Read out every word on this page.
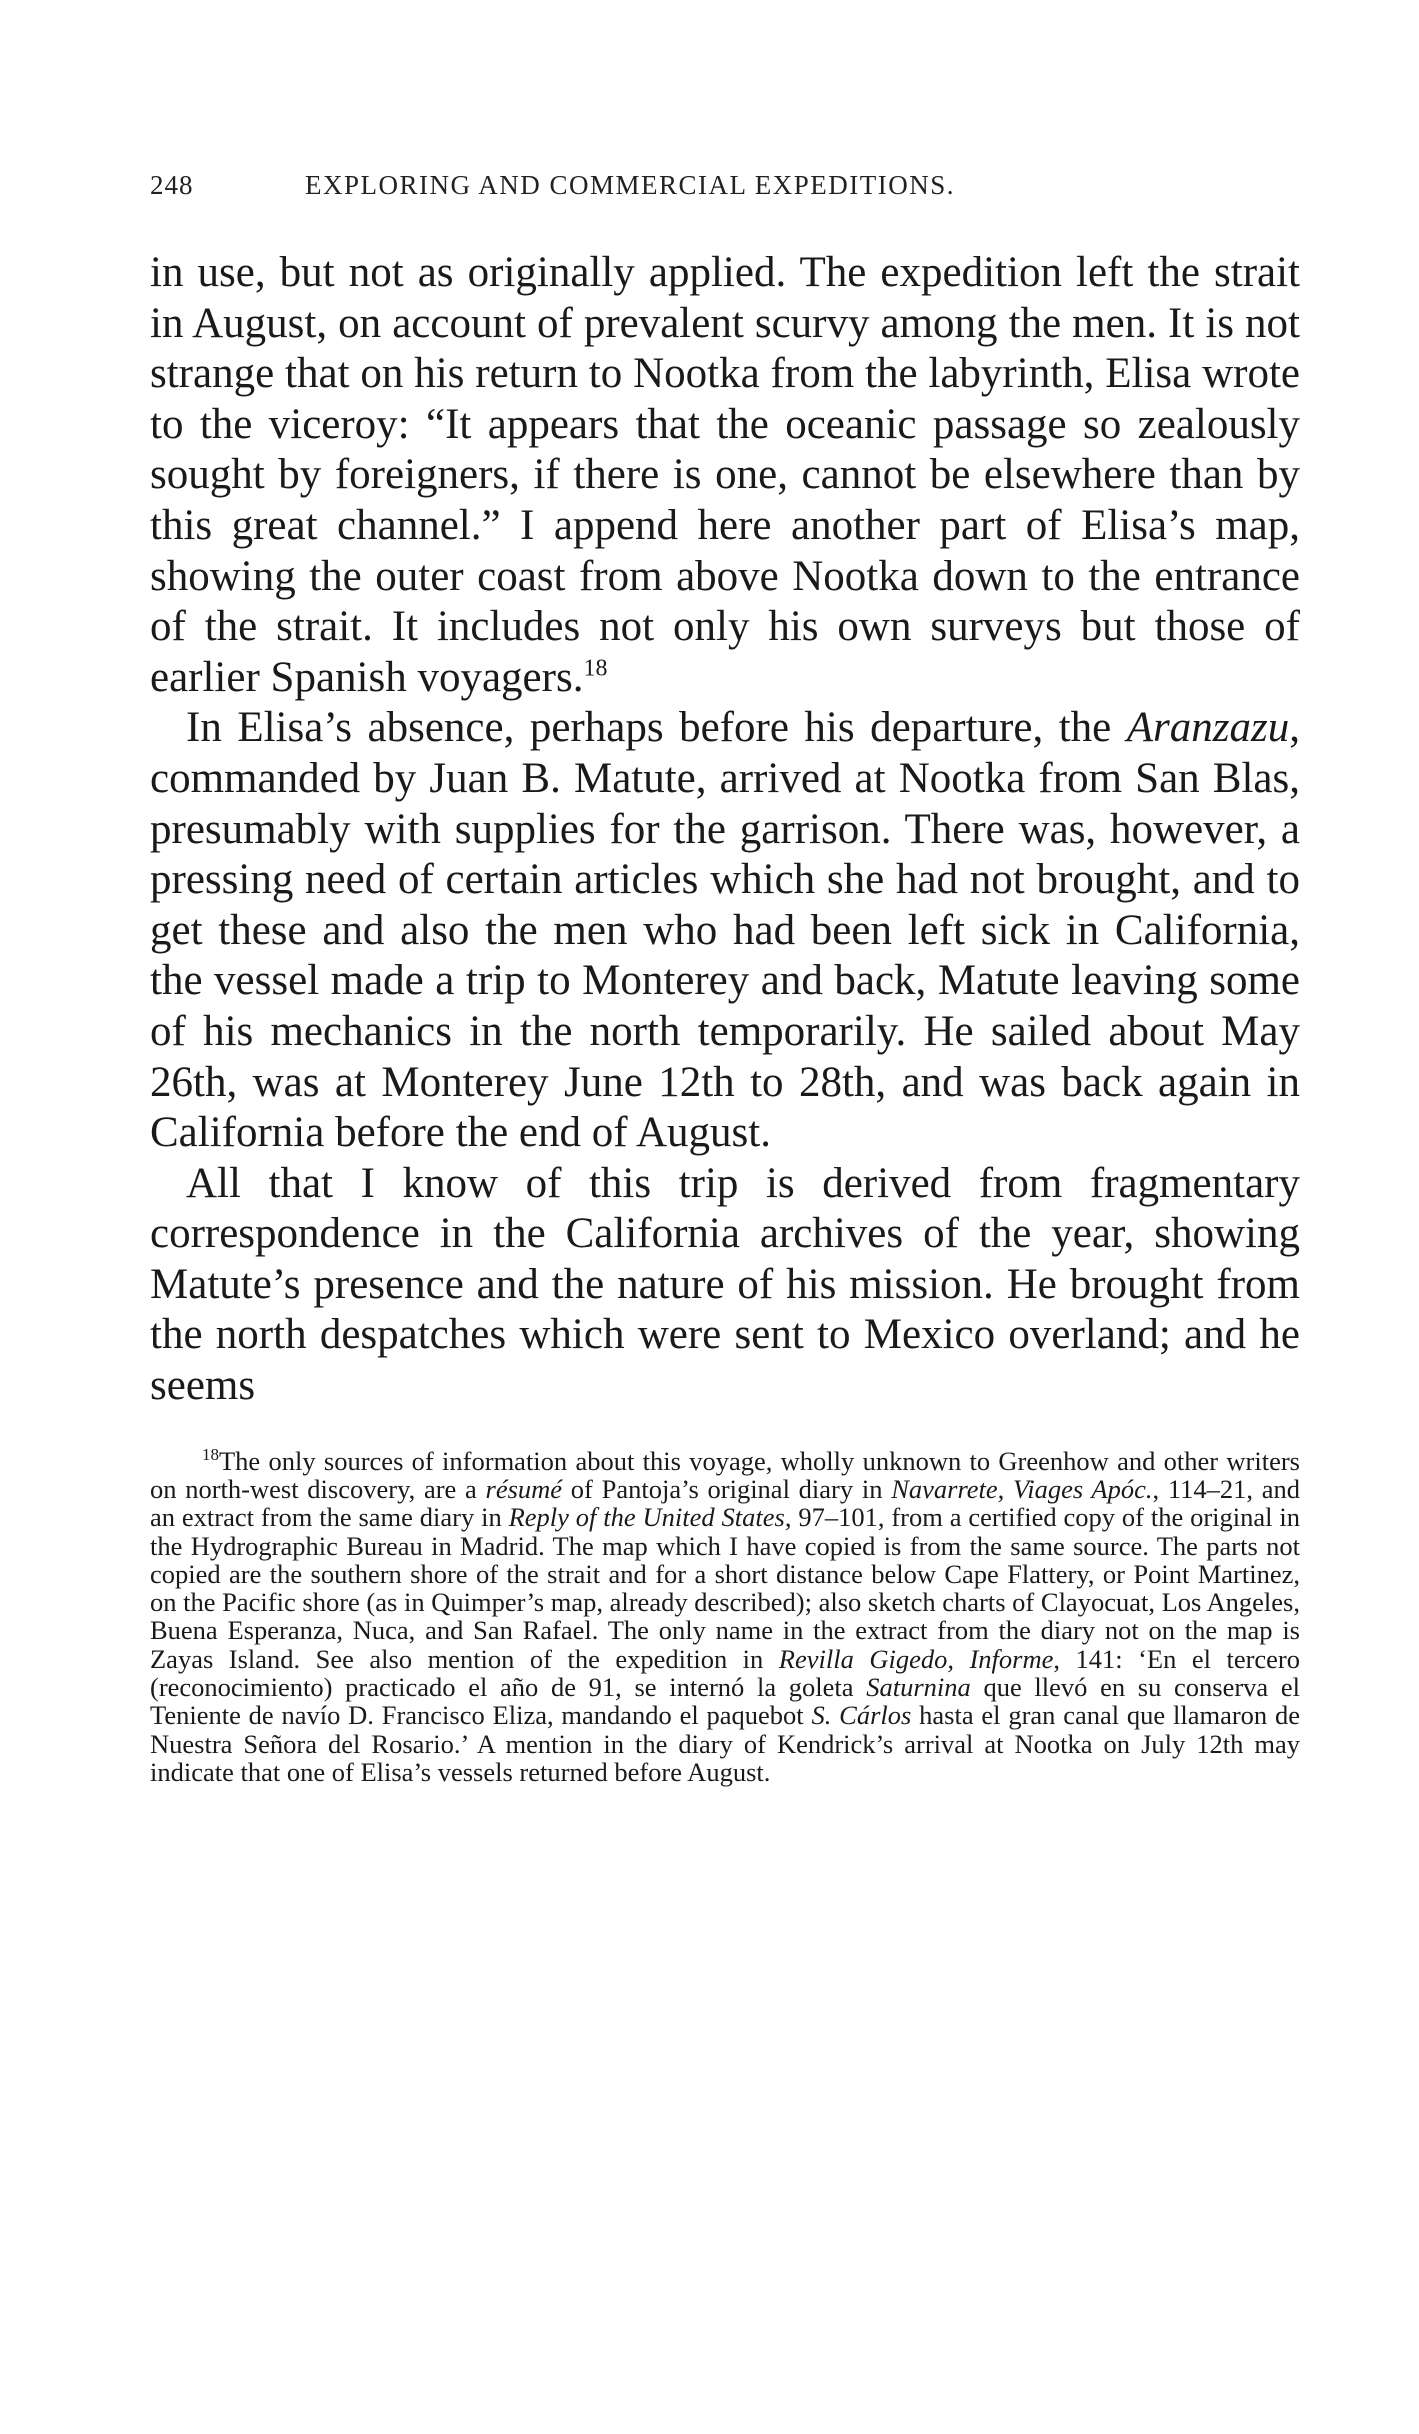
248	EXPLORING AND COMMERCIAL EXPEDITIONS.

in use, but not as originally applied. The expedition left the strait in August, on account of prevalent scurvy among the men. It is not strange that on his return to Nootka from the labyrinth, Elisa wrote to the viceroy: “It appears that the oceanic passage so zealously sought by foreigners, if there is one, cannot be elsewhere than by this great channel.” I append here another part of Elisa’s map, showing the outer coast from above Nootka down to the entrance of the strait. It includes not only his own surveys but those of earlier Spanish voyagers.$^{18}$

In Elisa’s absence, perhaps before his departure, the Aranzazu, commanded by Juan B. Matute, arrived at Nootka from San Blas, presumably with supplies for the garrison. There was, however, a pressing need of certain articles which she had not brought, and to get these and also the men who had been left sick in California, the vessel made a trip to Monterey and back, Matute leaving some of his mechanics in the north temporarily. He sailed about May 26th, was at Monterey June 12th to 28th, and was back again in California before the end of August.

All that I know of this trip is derived from fragmentary correspondence in the California archives of the year, showing Matute’s presence and the nature of his mission. He brought from the north despatches which were sent to Mexico overland; and he seems

$^{18}$The only sources of information about this voyage, wholly unknown to Greenhow and other writers on north-west discovery, are a résumé of Pantoja’s original diary in Navarrete, Viages Apóc., 114–21, and an extract from the same diary in Reply of the United States, 97–101, from a certified copy of the original in the Hydrographic Bureau in Madrid. The map which I have copied is from the same source. The parts not copied are the southern shore of the strait and for a short distance below Cape Flattery, or Point Martinez, on the Pacific shore (as in Quimper’s map, already described); also sketch charts of Clayocuat, Los Angeles, Buena Esperanza, Nuca, and San Rafael. The only name in the extract from the diary not on the map is Zayas Island. See also mention of the expedition in Revilla Gigedo, Informe, 141: ‘En el tercero (reconocimiento) practicado el año de 91, se internó la goleta Saturnina que llevó en su conserva el Teniente de navío D. Francisco Eliza, mandando el paquebot S. Cárlos hasta el gran canal que llamaron de Nuestra Señora del Rosario.’ A mention in the diary of Kendrick’s arrival at Nootka on July 12th may indicate that one of Elisa’s vessels returned before August.
